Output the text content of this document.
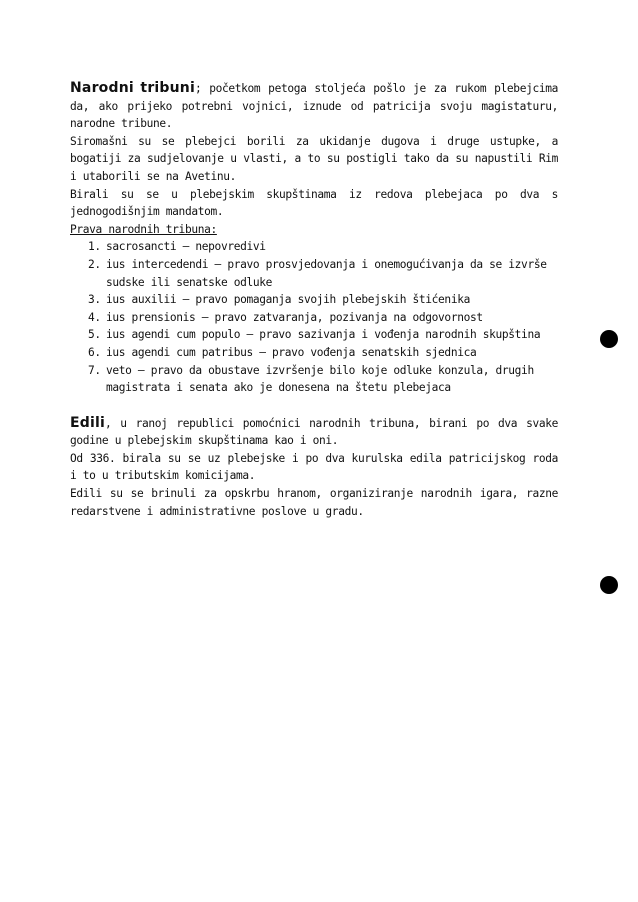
Narodni tribuni; početkom petoga stoljeća pošlo je za rukom plebejcima da, ako prijeko potrebni vojnici, iznude od patricija svoju magistaturu, narodne tribune.

Siromašni su se plebejci borili za ukidanje dugova i druge ustupke, a bogatiji za sudjelovanje u vlasti, a to su postigli tako da su napustili Rim i utaborili se na Avetinu.

Birali su se u plebejskim skupštinama iz redova plebejaca po dva s jednogodišnjim mandatom.

Prava narodnih tribuna:

1. sacrosancti – nepovredivi
2. ius intercedendi – pravo prosvjedovanja i onemogućivanja da se izvrše sudske ili senatske odluke
3. ius auxilii – pravo pomaganja svojih plebejskih štićenika
4. ius prensionis – pravo zatvaranja, pozivanja na odgovornost
5. ius agendi cum populo – pravo sazivanja i vođenja narodnih skupština
6. ius agendi cum patribus – pravo vođenja senatskih sjednica
7. veto – pravo da obustave izvršenje bilo koje odluke konzula, drugih magistrata i senata ako je donesena na štetu plebejaca

Edili, u ranoj republici pomoćnici narodnih tribuna, birani po dva svake godine u plebejskim skupštinama kao i oni.

Od 336. birala su se uz plebejske i po dva kurulska edila patricijskog roda i to u tributskim komicijama.

Edili su se brinuli za opskrbu hranom, organiziranje narodnih igara, razne redarstvene i administrativne poslove u gradu.
